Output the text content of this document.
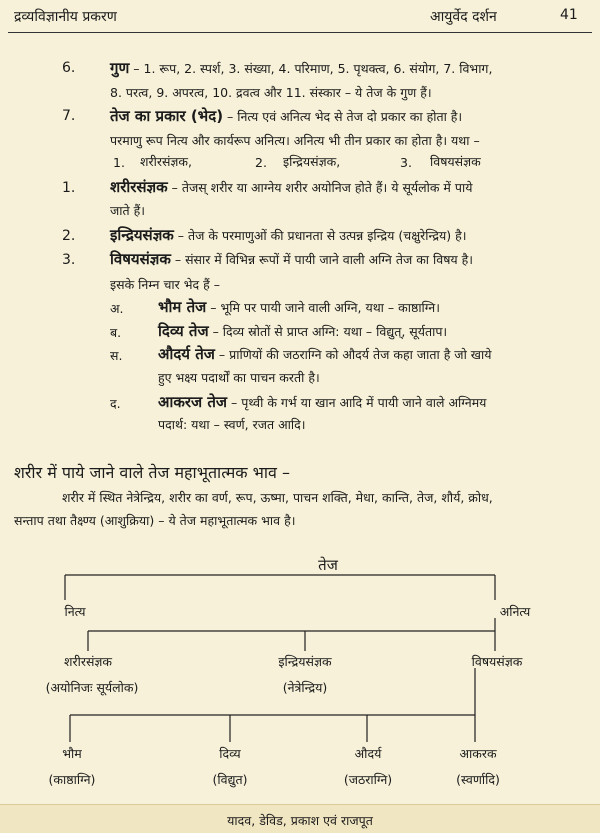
द्रव्यविज्ञानीय प्रकरण	आयुर्वेद दर्शन	41
6. गुण – 1. रूप, 2. स्पर्श, 3. संख्या, 4. परिमाण, 5. पृथक्त्व, 6. संयोग, 7. विभाग,
8. परत्व, 9. अपरत्व, 10. द्रवत्व और 11. संस्कार – ये तेज के गुण हैं।
7. तेज का प्रकार (भेद) – नित्य एवं अनित्य भेद से तेज दो प्रकार का होता है।
परमाणु रूप नित्य और कार्यरूप अनित्य। अनित्य भी तीन प्रकार का होता है। यथा –
1. शरीरसंज्ञक,	2. इन्द्रियसंज्ञक,	3. विषयसंज्ञक
1. शरीरसंज्ञक – तेजस् शरीर या आग्नेय शरीर अयोनिज होते हैं। ये सूर्यलोक में पाये
जाते हैं।
2. इन्द्रियसंज्ञक – तेज के परमाणुओं की प्रधानता से उत्पन्न इन्द्रिय (चक्षुरेन्द्रिय) है।
3. विषयसंज्ञक – संसार में विभिन्न रूपों में पायी जाने वाली अग्नि तेज का विषय है।
इसके निम्न चार भेद हैं –
अ. भौम तेज – भूमि पर पायी जाने वाली अग्नि, यथा – काष्ठाग्नि।
ब. दिव्य तेज – दिव्य स्रोतों से प्राप्त अग्नि: यथा – विद्युत्, सूर्यताप।
स. औदर्य तेज – प्राणियों की जठराग्नि को औदर्य तेज कहा जाता है जो खाये
हुए भक्ष्य पदार्थों का पाचन करती है।
द. आकरज तेज – पृथ्वी के गर्भ या खान आदि में पायी जाने वाले अग्निमय
पदार्थ: यथा – स्वर्ण, रजत आदि।
शरीर में पाये जाने वाले तेज महाभूतात्मक भाव –
शरीर में स्थित नेत्रेन्द्रिय, शरीर का वर्ण, रूप, ऊष्मा, पाचन शक्ति, मेधा, कान्ति, तेज, शौर्य, क्रोध,
सन्ताप तथा तैक्ष्ण्य (आशुक्रिया) – ये तेज महाभूतात्मक भाव है।
तेज
नित्य	अनित्य
शरीरसंज्ञक
(अयोनिजः सूर्यलोक)
इन्द्रियसंज्ञक
(नेत्रेन्द्रिय)
विषयसंज्ञक
भौम
(काष्ठाग्नि)
दिव्य
(विद्युत)
औदर्य
(जठराग्नि)
आकरक
(स्वर्णादि)
यादव, डेविड, प्रकाश एवं राजपूत
